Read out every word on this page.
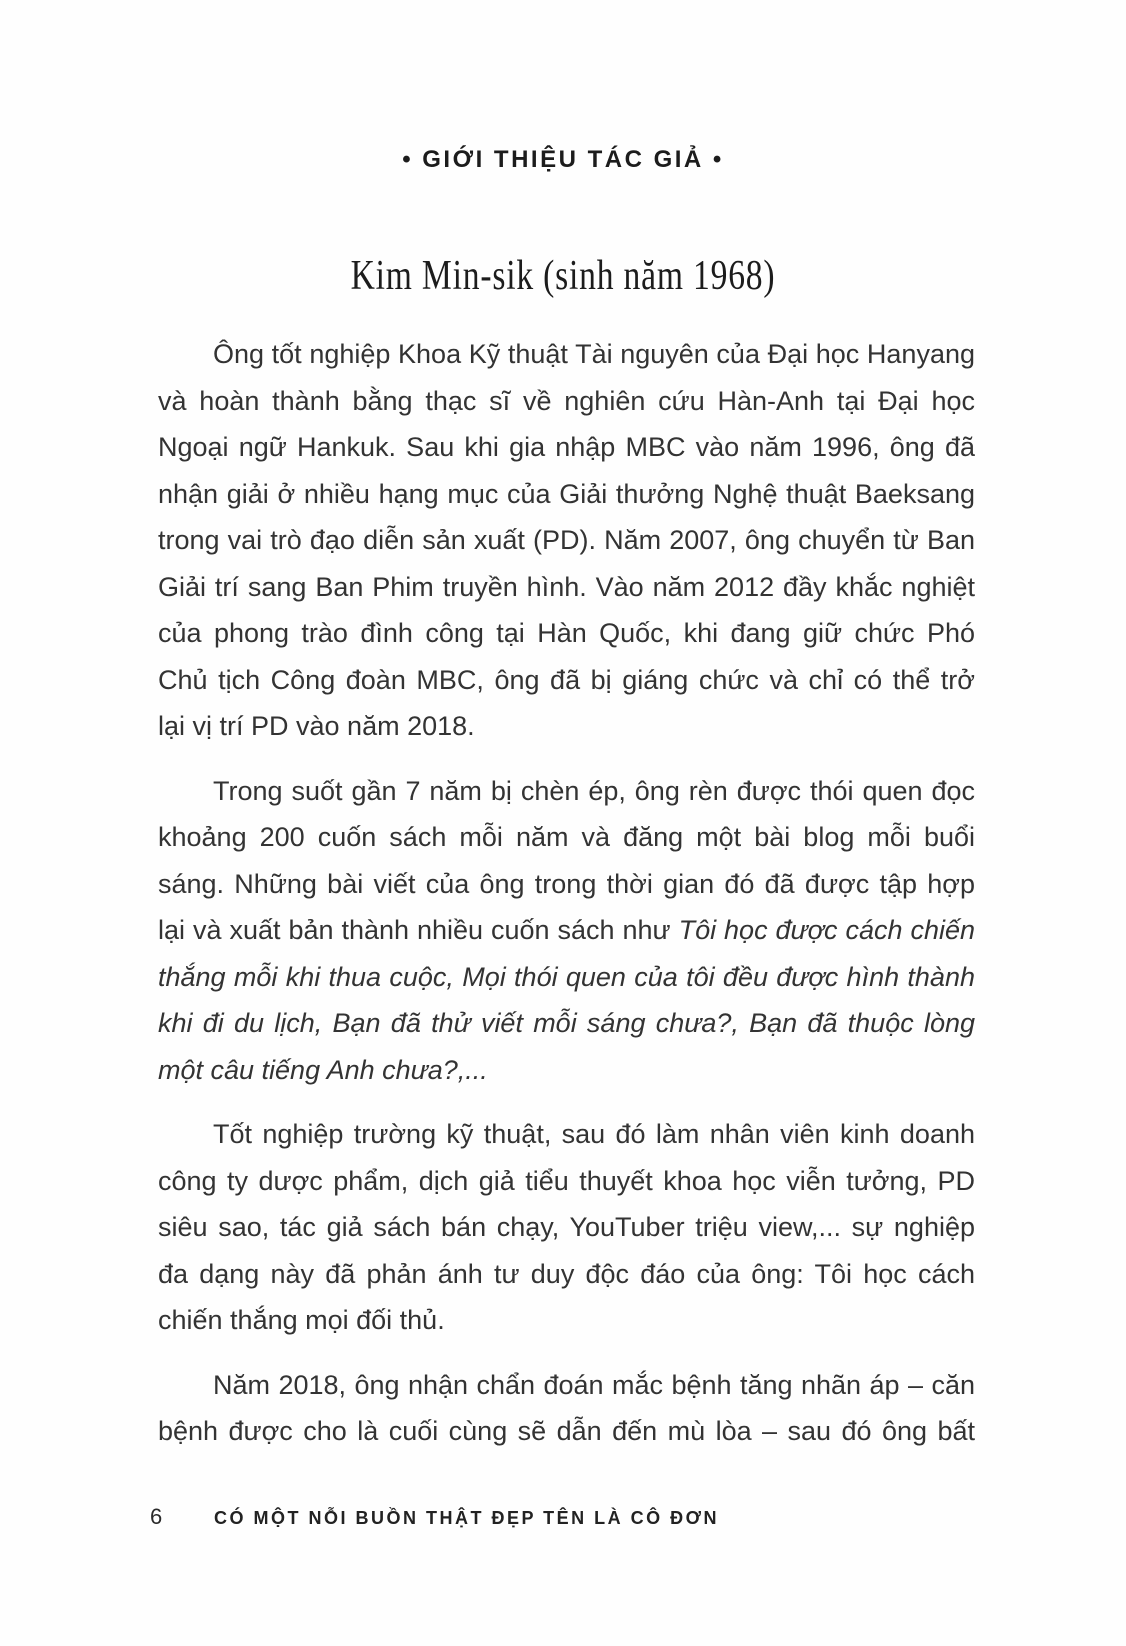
• GIỚI THIỆU TÁC GIẢ •
Kim Min-sik (sinh năm 1968)
Ông tốt nghiệp Khoa Kỹ thuật Tài nguyên của Đại học Hanyang
và hoàn thành bằng thạc sĩ về nghiên cứu Hàn-Anh tại Đại học
Ngoại ngữ Hankuk. Sau khi gia nhập MBC vào năm 1996, ông đã
nhận giải ở nhiều hạng mục của Giải thưởng Nghệ thuật Baeksang
trong vai trò đạo diễn sản xuất (PD). Năm 2007, ông chuyển từ Ban
Giải trí sang Ban Phim truyền hình. Vào năm 2012 đầy khắc nghiệt
của phong trào đình công tại Hàn Quốc, khi đang giữ chức Phó
Chủ tịch Công đoàn MBC, ông đã bị giáng chức và chỉ có thể trở
lại vị trí PD vào năm 2018.
Trong suốt gần 7 năm bị chèn ép, ông rèn được thói quen đọc
khoảng 200 cuốn sách mỗi năm và đăng một bài blog mỗi buổi
sáng. Những bài viết của ông trong thời gian đó đã được tập hợp
lại và xuất bản thành nhiều cuốn sách như Tôi học được cách chiến
thắng mỗi khi thua cuộc, Mọi thói quen của tôi đều được hình thành
khi đi du lịch, Bạn đã thử viết mỗi sáng chưa?, Bạn đã thuộc lòng
một câu tiếng Anh chưa?,...
Tốt nghiệp trường kỹ thuật, sau đó làm nhân viên kinh doanh
công ty dược phẩm, dịch giả tiểu thuyết khoa học viễn tưởng, PD
siêu sao, tác giả sách bán chạy, YouTuber triệu view,... sự nghiệp
đa dạng này đã phản ánh tư duy độc đáo của ông: Tôi học cách
chiến thắng mọi đối thủ.
Năm 2018, ông nhận chẩn đoán mắc bệnh tăng nhãn áp – căn
bệnh được cho là cuối cùng sẽ dẫn đến mù lòa – sau đó ông bất
6	CÓ MỘT NỖI BUỒN THẬT ĐẸP TÊN LÀ CÔ ĐƠN
